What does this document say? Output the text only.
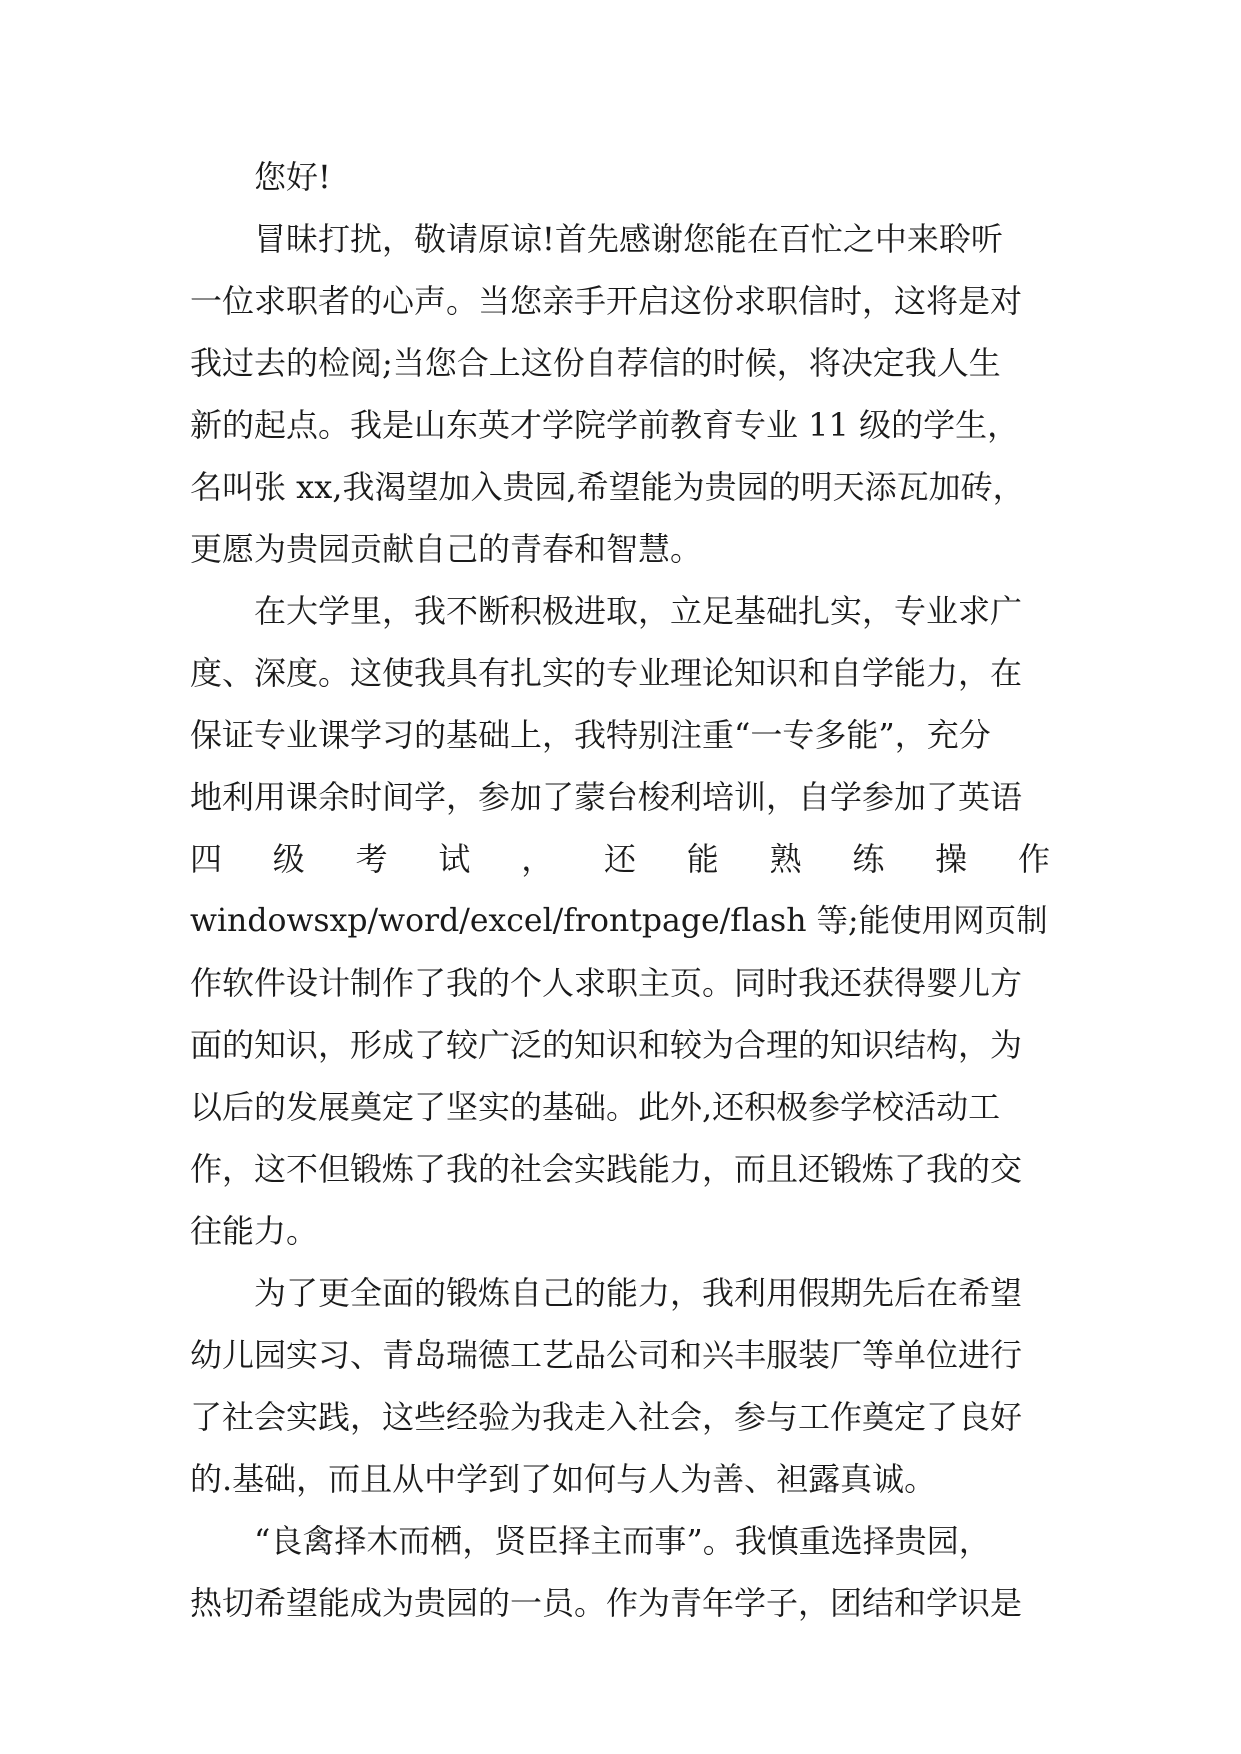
您好!
冒昧打扰，敬请原谅!首先感谢您能在百忙之中来聆听
一位求职者的心声。当您亲手开启这份求职信时，这将是对
我过去的检阅;当您合上这份自荐信的时候，将决定我人生
新的起点。我是山东英才学院学前教育专业 11 级的学生，
名叫张 xx,我渴望加入贵园,希望能为贵园的明天添瓦加砖，
更愿为贵园贡献自己的青春和智慧。
在大学里，我不断积极进取，立足基础扎实，专业求广
度、深度。这使我具有扎实的专业理论知识和自学能力，在
保证专业课学习的基础上，我特别注重“一专多能”，充分
地利用课余时间学，参加了蒙台梭利培训，自学参加了英语
四 级 考 试 ， 还 能 熟 练 操 作
windowsxp/word/excel/frontpage/flash 等;能使用网页制
作软件设计制作了我的个人求职主页。同时我还获得婴儿方
面的知识，形成了较广泛的知识和较为合理的知识结构，为
以后的发展奠定了坚实的基础。此外,还积极参学校活动工
作，这不但锻炼了我的社会实践能力，而且还锻炼了我的交
往能力。
为了更全面的锻炼自己的能力，我利用假期先后在希望
幼儿园实习、青岛瑞德工艺品公司和兴丰服装厂等单位进行
了社会实践，这些经验为我走入社会，参与工作奠定了良好
的.基础，而且从中学到了如何与人为善、袒露真诚。
“良禽择木而栖，贤臣择主而事”。我慎重选择贵园，
热切希望能成为贵园的一员。作为青年学子，团结和学识是
